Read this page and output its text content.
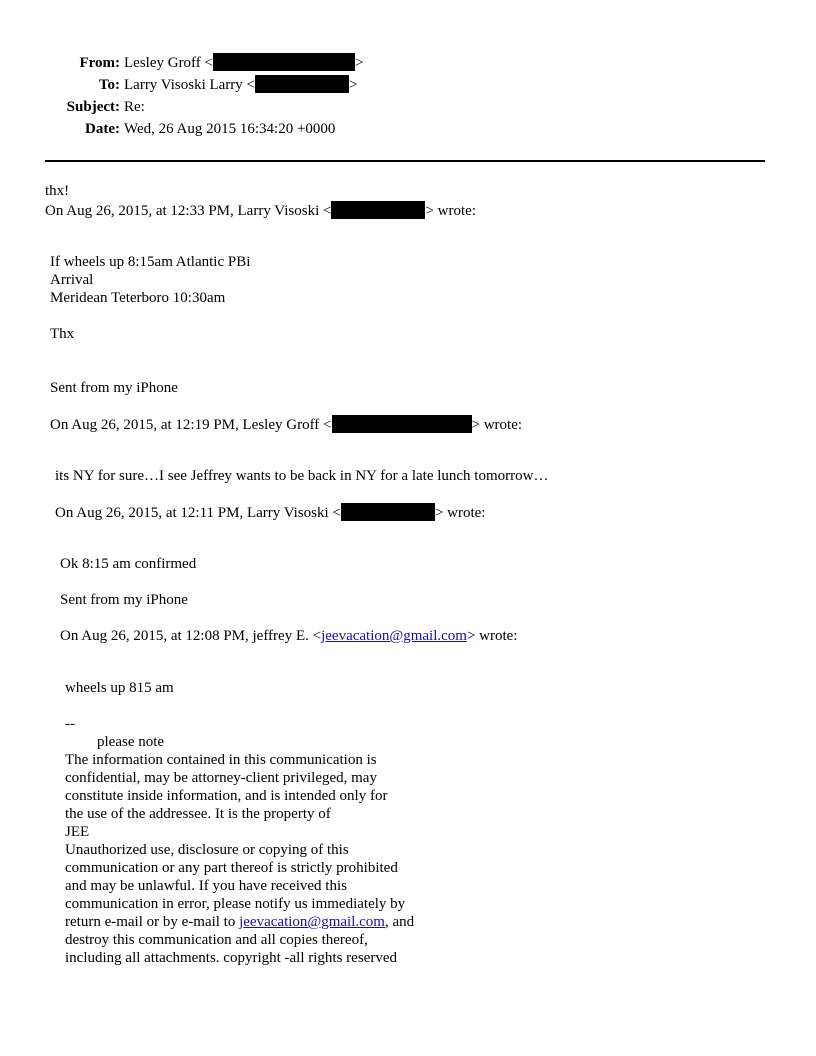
From: Lesley Groff <	>
To: Larry Visoski Larry <	>
Subject: Re:
Date: Wed, 26 Aug 2015 16:34:20 +0000
thx!
On Aug 26, 2015, at 12:33 PM, Larry Visoski <	> wrote:
If wheels up 8:15am Atlantic PBi
Arrival
Meridean Teterboro 10:30am
Thx
Sent from my iPhone
On Aug 26, 2015, at 12:19 PM, Lesley Groff <	> wrote:
its NY for sure…I see Jeffrey wants to be back in NY for a late lunch tomorrow…
On Aug 26, 2015, at 12:11 PM, Larry Visoski <	> wrote:
Ok 8:15 am confirmed
Sent from my iPhone
On Aug 26, 2015, at 12:08 PM, jeffrey E. <jeevacation@gmail.com> wrote:
wheels up 815 am
--
please note
The information contained in this communication is
confidential, may be attorney-client privileged, may
constitute inside information, and is intended only for
the use of the addressee. It is the property of
JEE
Unauthorized use, disclosure or copying of this
communication or any part thereof is strictly prohibited
and may be unlawful. If you have received this
communication in error, please notify us immediately by
return e-mail or by e-mail to jeevacation@gmail.com, and
destroy this communication and all copies thereof,
including all attachments. copyright -all rights reserved
